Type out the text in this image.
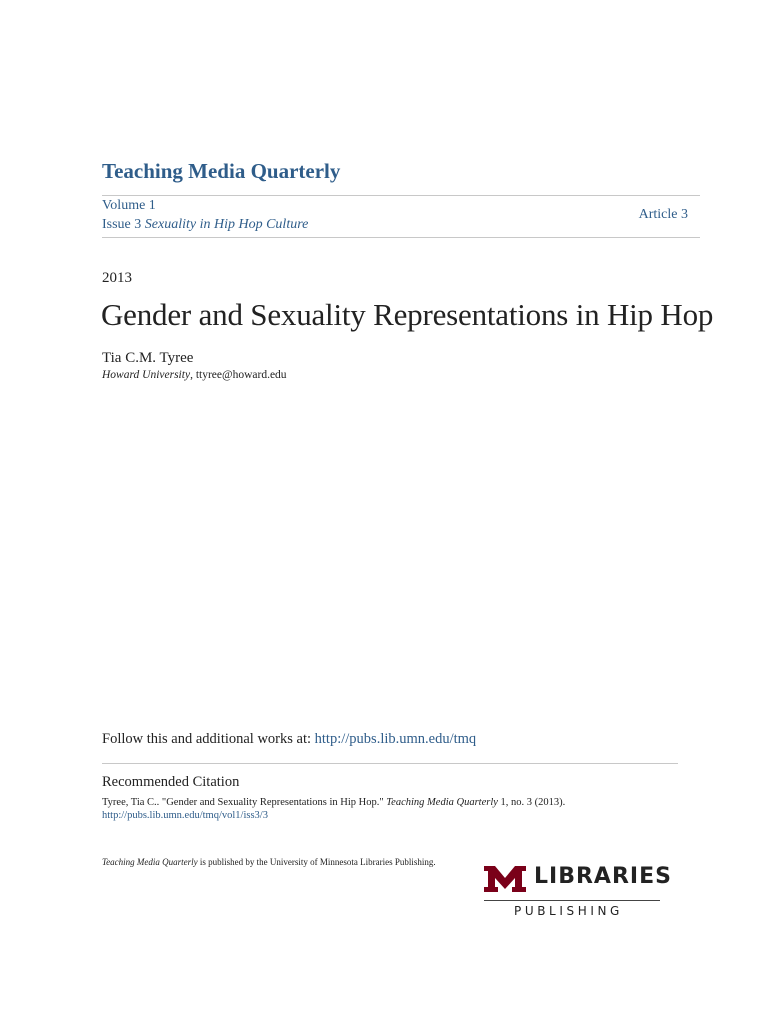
Teaching Media Quarterly
Volume 1
Issue 3 Sexuality in Hip Hop Culture
Article 3
2013
Gender and Sexuality Representations in Hip Hop
Tia C.M. Tyree
Howard University, ttyree@howard.edu
Follow this and additional works at: http://pubs.lib.umn.edu/tmq
Recommended Citation
Tyree, Tia C.. "Gender and Sexuality Representations in Hip Hop." Teaching Media Quarterly 1, no. 3 (2013).
http://pubs.lib.umn.edu/tmq/vol1/iss3/3
Teaching Media Quarterly is published by the University of Minnesota Libraries Publishing.
LIBRARIES
PUBLISHING
